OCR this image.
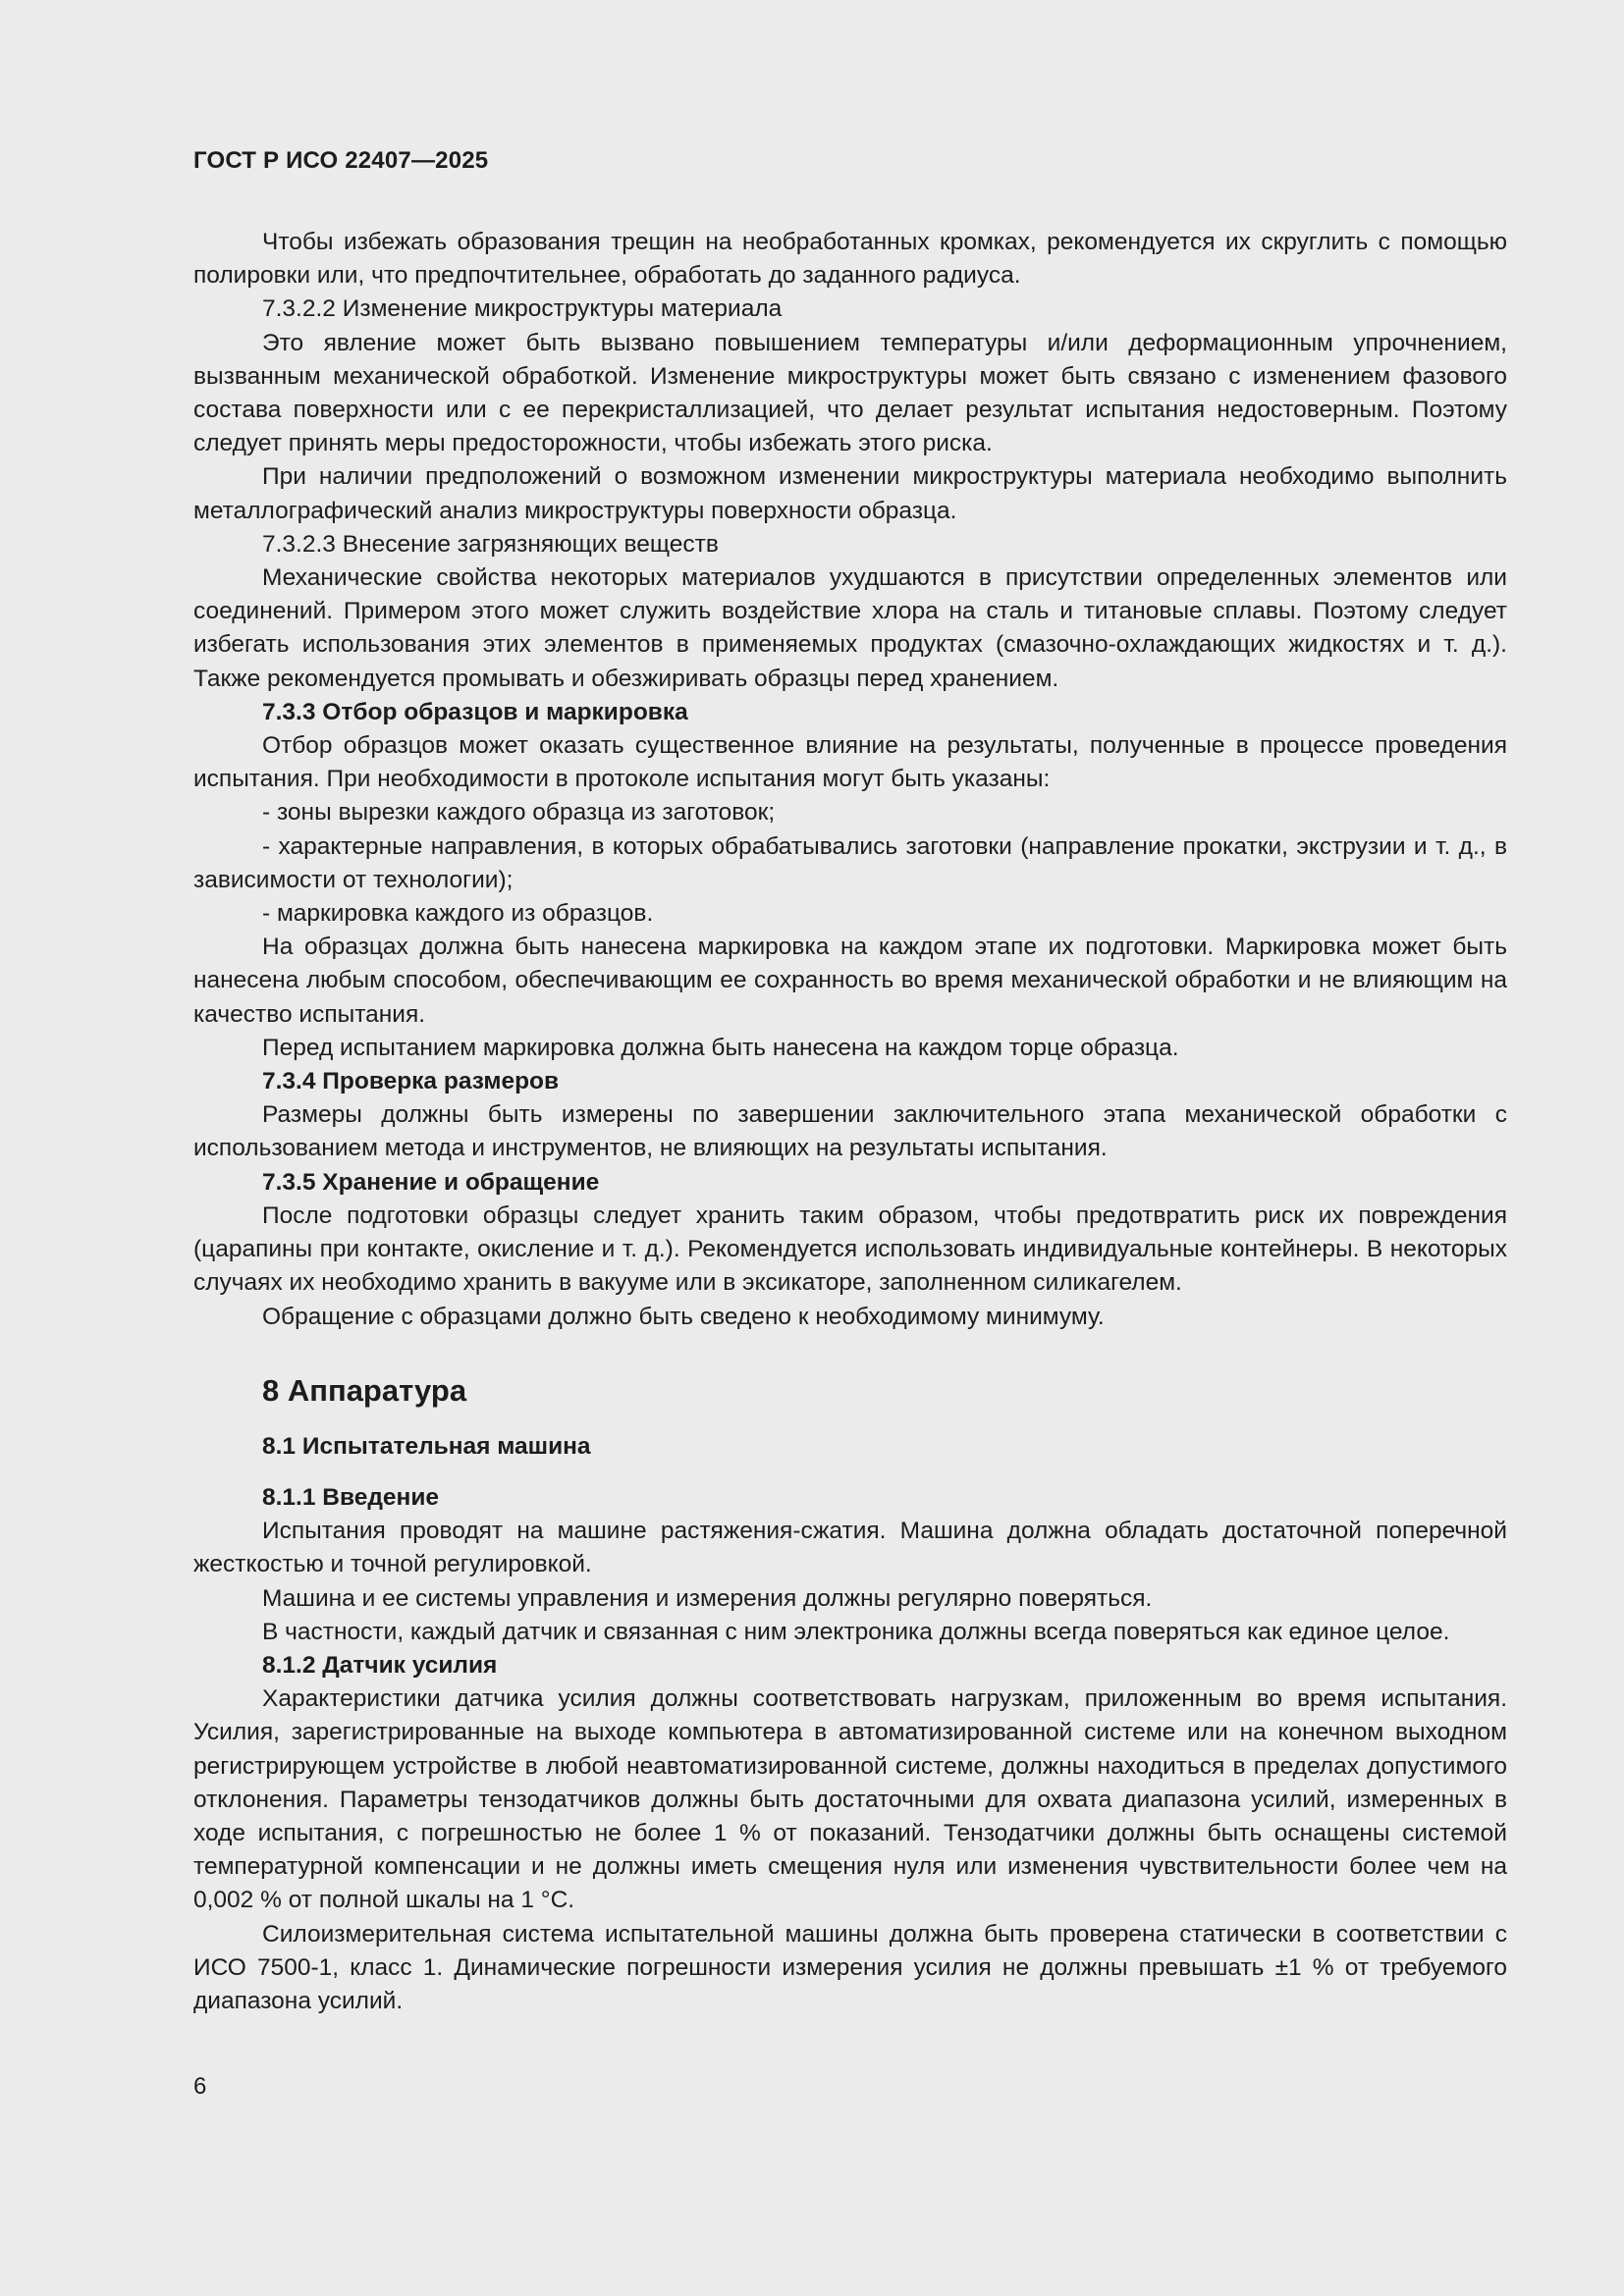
ГОСТ Р ИСО 22407—2025

Чтобы избежать образования трещин на необработанных кромках, рекомендуется их скруглить с помощью полировки или, что предпочтительнее, обработать до заданного радиуса.

7.3.2.2 Изменение микроструктуры материала

Это явление может быть вызвано повышением температуры и/или деформационным упрочнением, вызванным механической обработкой. Изменение микроструктуры может быть связано с изменением фазового состава поверхности или с ее перекристаллизацией, что делает результат испытания недостоверным. Поэтому следует принять меры предосторожности, чтобы избежать этого риска.

При наличии предположений о возможном изменении микроструктуры материала необходимо выполнить металлографический анализ микроструктуры поверхности образца.

7.3.2.3 Внесение загрязняющих веществ

Механические свойства некоторых материалов ухудшаются в присутствии определенных элементов или соединений. Примером этого может служить воздействие хлора на сталь и титановые сплавы. Поэтому следует избегать использования этих элементов в применяемых продуктах (смазочно-охлаждающих жидкостях и т. д.). Также рекомендуется промывать и обезжиривать образцы перед хранением.

7.3.3 Отбор образцов и маркировка

Отбор образцов может оказать существенное влияние на результаты, полученные в процессе проведения испытания. При необходимости в протоколе испытания могут быть указаны:

- зоны вырезки каждого образца из заготовок;

- характерные направления, в которых обрабатывались заготовки (направление прокатки, экструзии и т. д., в зависимости от технологии);

- маркировка каждого из образцов.

На образцах должна быть нанесена маркировка на каждом этапе их подготовки. Маркировка может быть нанесена любым способом, обеспечивающим ее сохранность во время механической обработки и не влияющим на качество испытания.

Перед испытанием маркировка должна быть нанесена на каждом торце образца.

7.3.4 Проверка размеров

Размеры должны быть измерены по завершении заключительного этапа механической обработки с использованием метода и инструментов, не влияющих на результаты испытания.

7.3.5 Хранение и обращение

После подготовки образцы следует хранить таким образом, чтобы предотвратить риск их повреждения (царапины при контакте, окисление и т. д.). Рекомендуется использовать индивидуальные контейнеры. В некоторых случаях их необходимо хранить в вакууме или в эксикаторе, заполненном силикагелем.

Обращение с образцами должно быть сведено к необходимому минимуму.

8 Аппаратура
8.1 Испытательная машина
8.1.1 Введение

Испытания проводят на машине растяжения-сжатия. Машина должна обладать достаточной поперечной жесткостью и точной регулировкой.

Машина и ее системы управления и измерения должны регулярно поверяться.

В частности, каждый датчик и связанная с ним электроника должны всегда поверяться как единое целое.

8.1.2 Датчик усилия

Характеристики датчика усилия должны соответствовать нагрузкам, приложенным во время испытания. Усилия, зарегистрированные на выходе компьютера в автоматизированной системе или на конечном выходном регистрирующем устройстве в любой неавтоматизированной системе, должны находиться в пределах допустимого отклонения. Параметры тензодатчиков должны быть достаточными для охвата диапазона усилий, измеренных в ходе испытания, с погрешностью не более 1 % от показаний. Тензодатчики должны быть оснащены системой температурной компенсации и не должны иметь смещения нуля или изменения чувствительности более чем на 0,002 % от полной шкалы на 1 °C.

Силоизмерительная система испытательной машины должна быть проверена статически в соответствии с ИСО 7500-1, класс 1. Динамические погрешности измерения усилия не должны превышать ±1 % от требуемого диапазона усилий.

6
